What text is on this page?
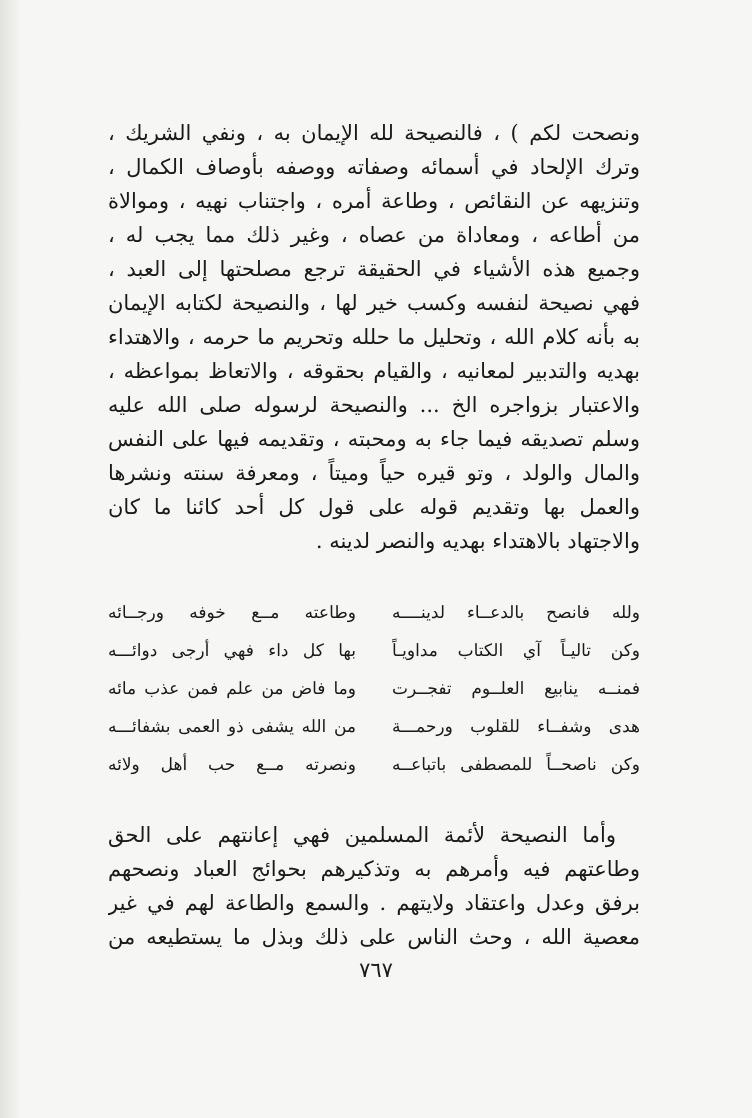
ونصحت لكم ) ، فالنصيحة لله الإيمان به ، ونفي الشريك ،
وترك الإلحاد في أسمائه وصفاته ووصفه بأوصاف الكمال ،
وتنزيهه عن النقائص ، وطاعة أمره ، واجتناب نهيه ، وموالاة
من أطاعه ، ومعاداة من عصاه ، وغير ذلك مما يجب له ،
وجميع هذه الأشياء في الحقيقة ترجع مصلحتها إلى العبد ،
فهي نصيحة لنفسه وكسب خير لها ، والنصيحة لكتابه الإيمان
به بأنه كلام الله ، وتحليل ما حلله وتحريم ما حرمه ، والاهتداء
بهديه والتدبير لمعانيه ، والقيام بحقوقه ، والاتعاظ بمواعظه ،
والاعتبار بزواجره الخ ... والنصيحة لرسوله صلى الله عليه
وسلم تصديقه فيما جاء به ومحبته ، وتقديمه فيها على النفس
والمال والولد ، وتو قيره حياً وميتاً ، ومعرفة سنته ونشرها
والعمل بها وتقديم قوله على قول كل أحد كائنا ما كان
والاجتهاد بالاهتداء بهديه والنصر لدينه .
ولله فانصح بالدعــاء لدينــــه
وطاعته مــع خوفه ورجــائه
وكن تاليـاً آي الكتاب مداويـاً
بها كل داء فهي أرجى دوائـــه
فمنــه ينابيع العلــوم تفجــرت
وما فاض من علم فمن عذب مائه
هدى وشفــاء للقلوب ورحمـــة
من الله يشفى ذو العمى بشفائـــه
وكن ناصحــاً للمصطفى باتباعــه
ونصرته مــع حب أهل ولائه
وأما النصيحة لأئمة المسلمين فهي إعانتهم على الحق
وطاعتهم فيه وأمرهم به وتذكيرهم بحوائج العباد ونصحهم
برفق وعدل واعتقاد ولايتهم . والسمع والطاعة لهم في غير
معصية الله ، وحث الناس على ذلك وبذل ما يستطيعه من
٧٦٧
